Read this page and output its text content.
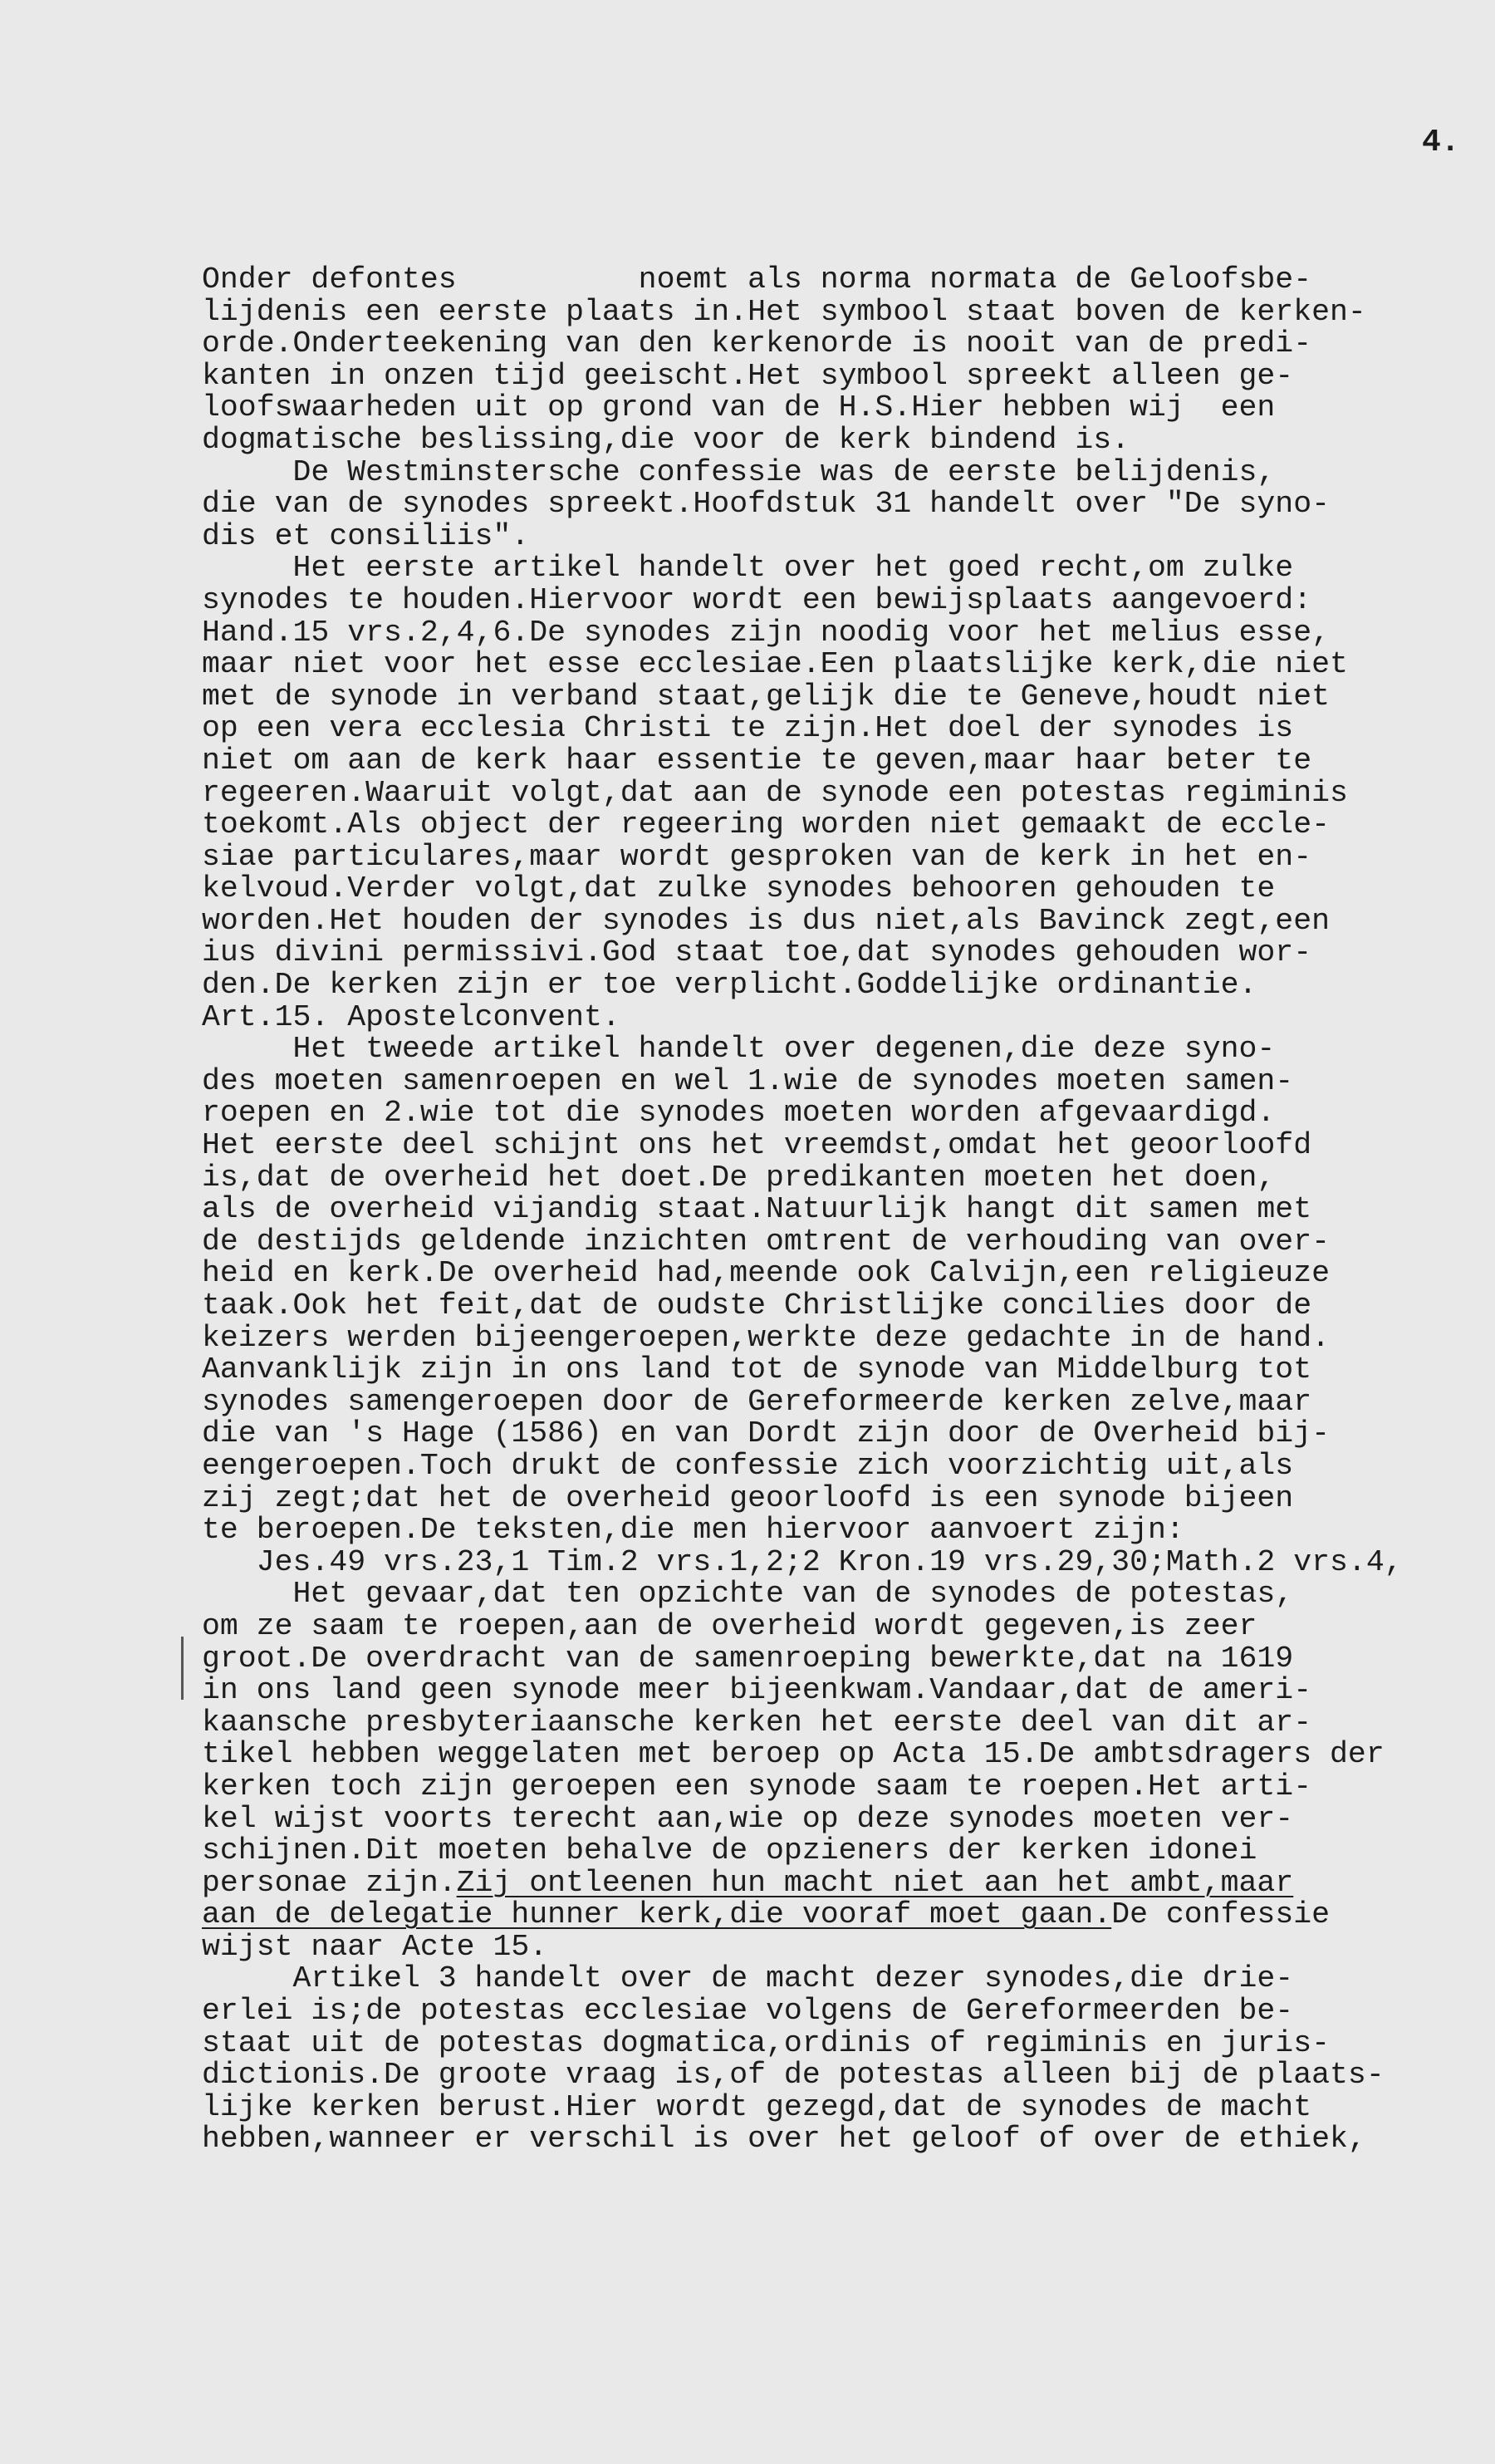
4.
Onder defontes          noemt als norma normata de Geloofsbe-
lijdenis een eerste plaats in.Het symbool staat boven de kerken-
orde.Onderteekening van den kerkenorde is nooit van de predi-
kanten in onzen tijd geeischt.Het symbool spreekt alleen ge-
loofswaarheden uit op grond van de H.S.Hier hebben wij  een
dogmatische beslissing,die voor de kerk bindend is.
De Westminstersche confessie was de eerste belijdenis,
die van de synodes spreekt.Hoofdstuk 31 handelt over "De syno-
dis et consiliis".
Het eerste artikel handelt over het goed recht,om zulke
synodes te houden.Hiervoor wordt een bewijsplaats aangevoerd:
Hand.15 vrs.2,4,6.De synodes zijn noodig voor het melius esse,
maar niet voor het esse ecclesiae.Een plaatslijke kerk,die niet
met de synode in verband staat,gelijk die te Geneve,houdt niet
op een vera ecclesia Christi te zijn.Het doel der synodes is
niet om aan de kerk haar essentie te geven,maar haar beter te
regeeren.Waaruit volgt,dat aan de synode een potestas regiminis
toekomt.Als object der regeering worden niet gemaakt de eccle-
siae particulares,maar wordt gesproken van de kerk in het en-
kelvoud.Verder volgt,dat zulke synodes behooren gehouden te
worden.Het houden der synodes is dus niet,als Bavinck zegt,een
ius divini permissivi.God staat toe,dat synodes gehouden wor-
den.De kerken zijn er toe verplicht.Goddelijke ordinantie.
Art.15. Apostelconvent.
Het tweede artikel handelt over degenen,die deze syno-
des moeten samenroepen en wel 1.wie de synodes moeten samen-
roepen en 2.wie tot die synodes moeten worden afgevaardigd.
Het eerste deel schijnt ons het vreemdst,omdat het geoorloofd
is,dat de overheid het doet.De predikanten moeten het doen,
als de overheid vijandig staat.Natuurlijk hangt dit samen met
de destijds geldende inzichten omtrent de verhouding van over-
heid en kerk.De overheid had,meende ook Calvijn,een religieuze
taak.Ook het feit,dat de oudste Christlijke concilies door de
keizers werden bijeengeroepen,werkte deze gedachte in de hand.
Aanvanklijk zijn in ons land tot de synode van Middelburg tot
synodes samengeroepen door de Gereformeerde kerken zelve,maar
die van 's Hage (1586) en van Dordt zijn door de Overheid bij-
eengeroepen.Toch drukt de confessie zich voorzichtig uit,als
zij zegt;dat het de overheid geoorloofd is een synode bijeen
te beroepen.De teksten,die men hiervoor aanvoert zijn:
Jes.49 vrs.23,1 Tim.2 vrs.1,2;2 Kron.19 vrs.29,30;Math.2 vrs.4,
Het gevaar,dat ten opzichte van de synodes de potestas,
om ze saam te roepen,aan de overheid wordt gegeven,is zeer
groot.De overdracht van de samenroeping bewerkte,dat na 1619
in ons land geen synode meer bijeenkwam.Vandaar,dat de ameri-
kaansche presbyteriaansche kerken het eerste deel van dit ar-
tikel hebben weggelaten met beroep op Acta 15.De ambtsdragers der
kerken toch zijn geroepen een synode saam te roepen.Het arti-
kel wijst voorts terecht aan,wie op deze synodes moeten ver-
schijnen.Dit moeten behalve de opzieners der kerken idonei
personae zijn.Zij ontleenen hun macht niet aan het ambt,maar
aan de delegatie hunner kerk,die vooraf moet gaan.De confessie
wijst naar Acte 15.
Artikel 3 handelt over de macht dezer synodes,die drie-
erlei is;de potestas ecclesiae volgens de Gereformeerden be-
staat uit de potestas dogmatica,ordinis of regiminis en juris-
dictionis.De groote vraag is,of de potestas alleen bij de plaats-
lijke kerken berust.Hier wordt gezegd,dat de synodes de macht
hebben,wanneer er verschil is over het geloof of over de ethiek,
